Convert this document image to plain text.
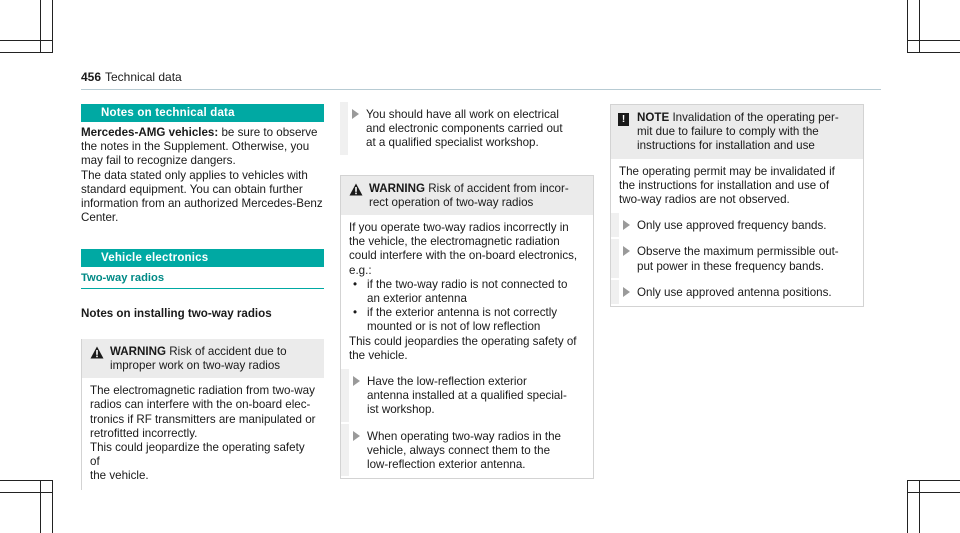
456 Technical data
Notes on technical data

Mercedes-AMG vehicles: be sure to observe
the notes in the Supplement. Otherwise, you
may fail to recognize dangers.

The data stated only applies to vehicles with
standard equipment. You can obtain further
information from an authorized Mercedes-Benz
Center.

Vehicle electronics
Two-way radios
Notes on installing two-way radios
WARNING Risk of accident due to
improper work on two-way radios
The electromagnetic radiation from two-way
radios can interfere with the on-board elec-
tronics if RF transmitters are manipulated or
retrofitted incorrectly.
This could jeopardize the operating safety of
the vehicle.
You should have all work on electrical
and electronic components carried out
at a qualified specialist workshop.
WARNING Risk of accident from incor-
rect operation of two-way radios
If you operate two-way radios incorrectly in
the vehicle, the electromagnetic radiation
could interfere with the on-board electronics,
e.g.:
• if the two-way radio is not connected to
an exterior antenna
• if the exterior antenna is not correctly
mounted or is not of low reflection
This could jeopardies the operating safety of
the vehicle.
Have the low-reflection exterior
antenna installed at a qualified special-
ist workshop.
When operating two-way radios in the
vehicle, always connect them to the
low-reflection exterior antenna.
!	NOTE Invalidation of the operating per-
mit due to failure to comply with the
instructions for installation and use
The operating permit may be invalidated if
the instructions for installation and use of
two-way radios are not observed.
Only use approved frequency bands.
Observe the maximum permissible out-
put power in these frequency bands.
Only use approved antenna positions.
